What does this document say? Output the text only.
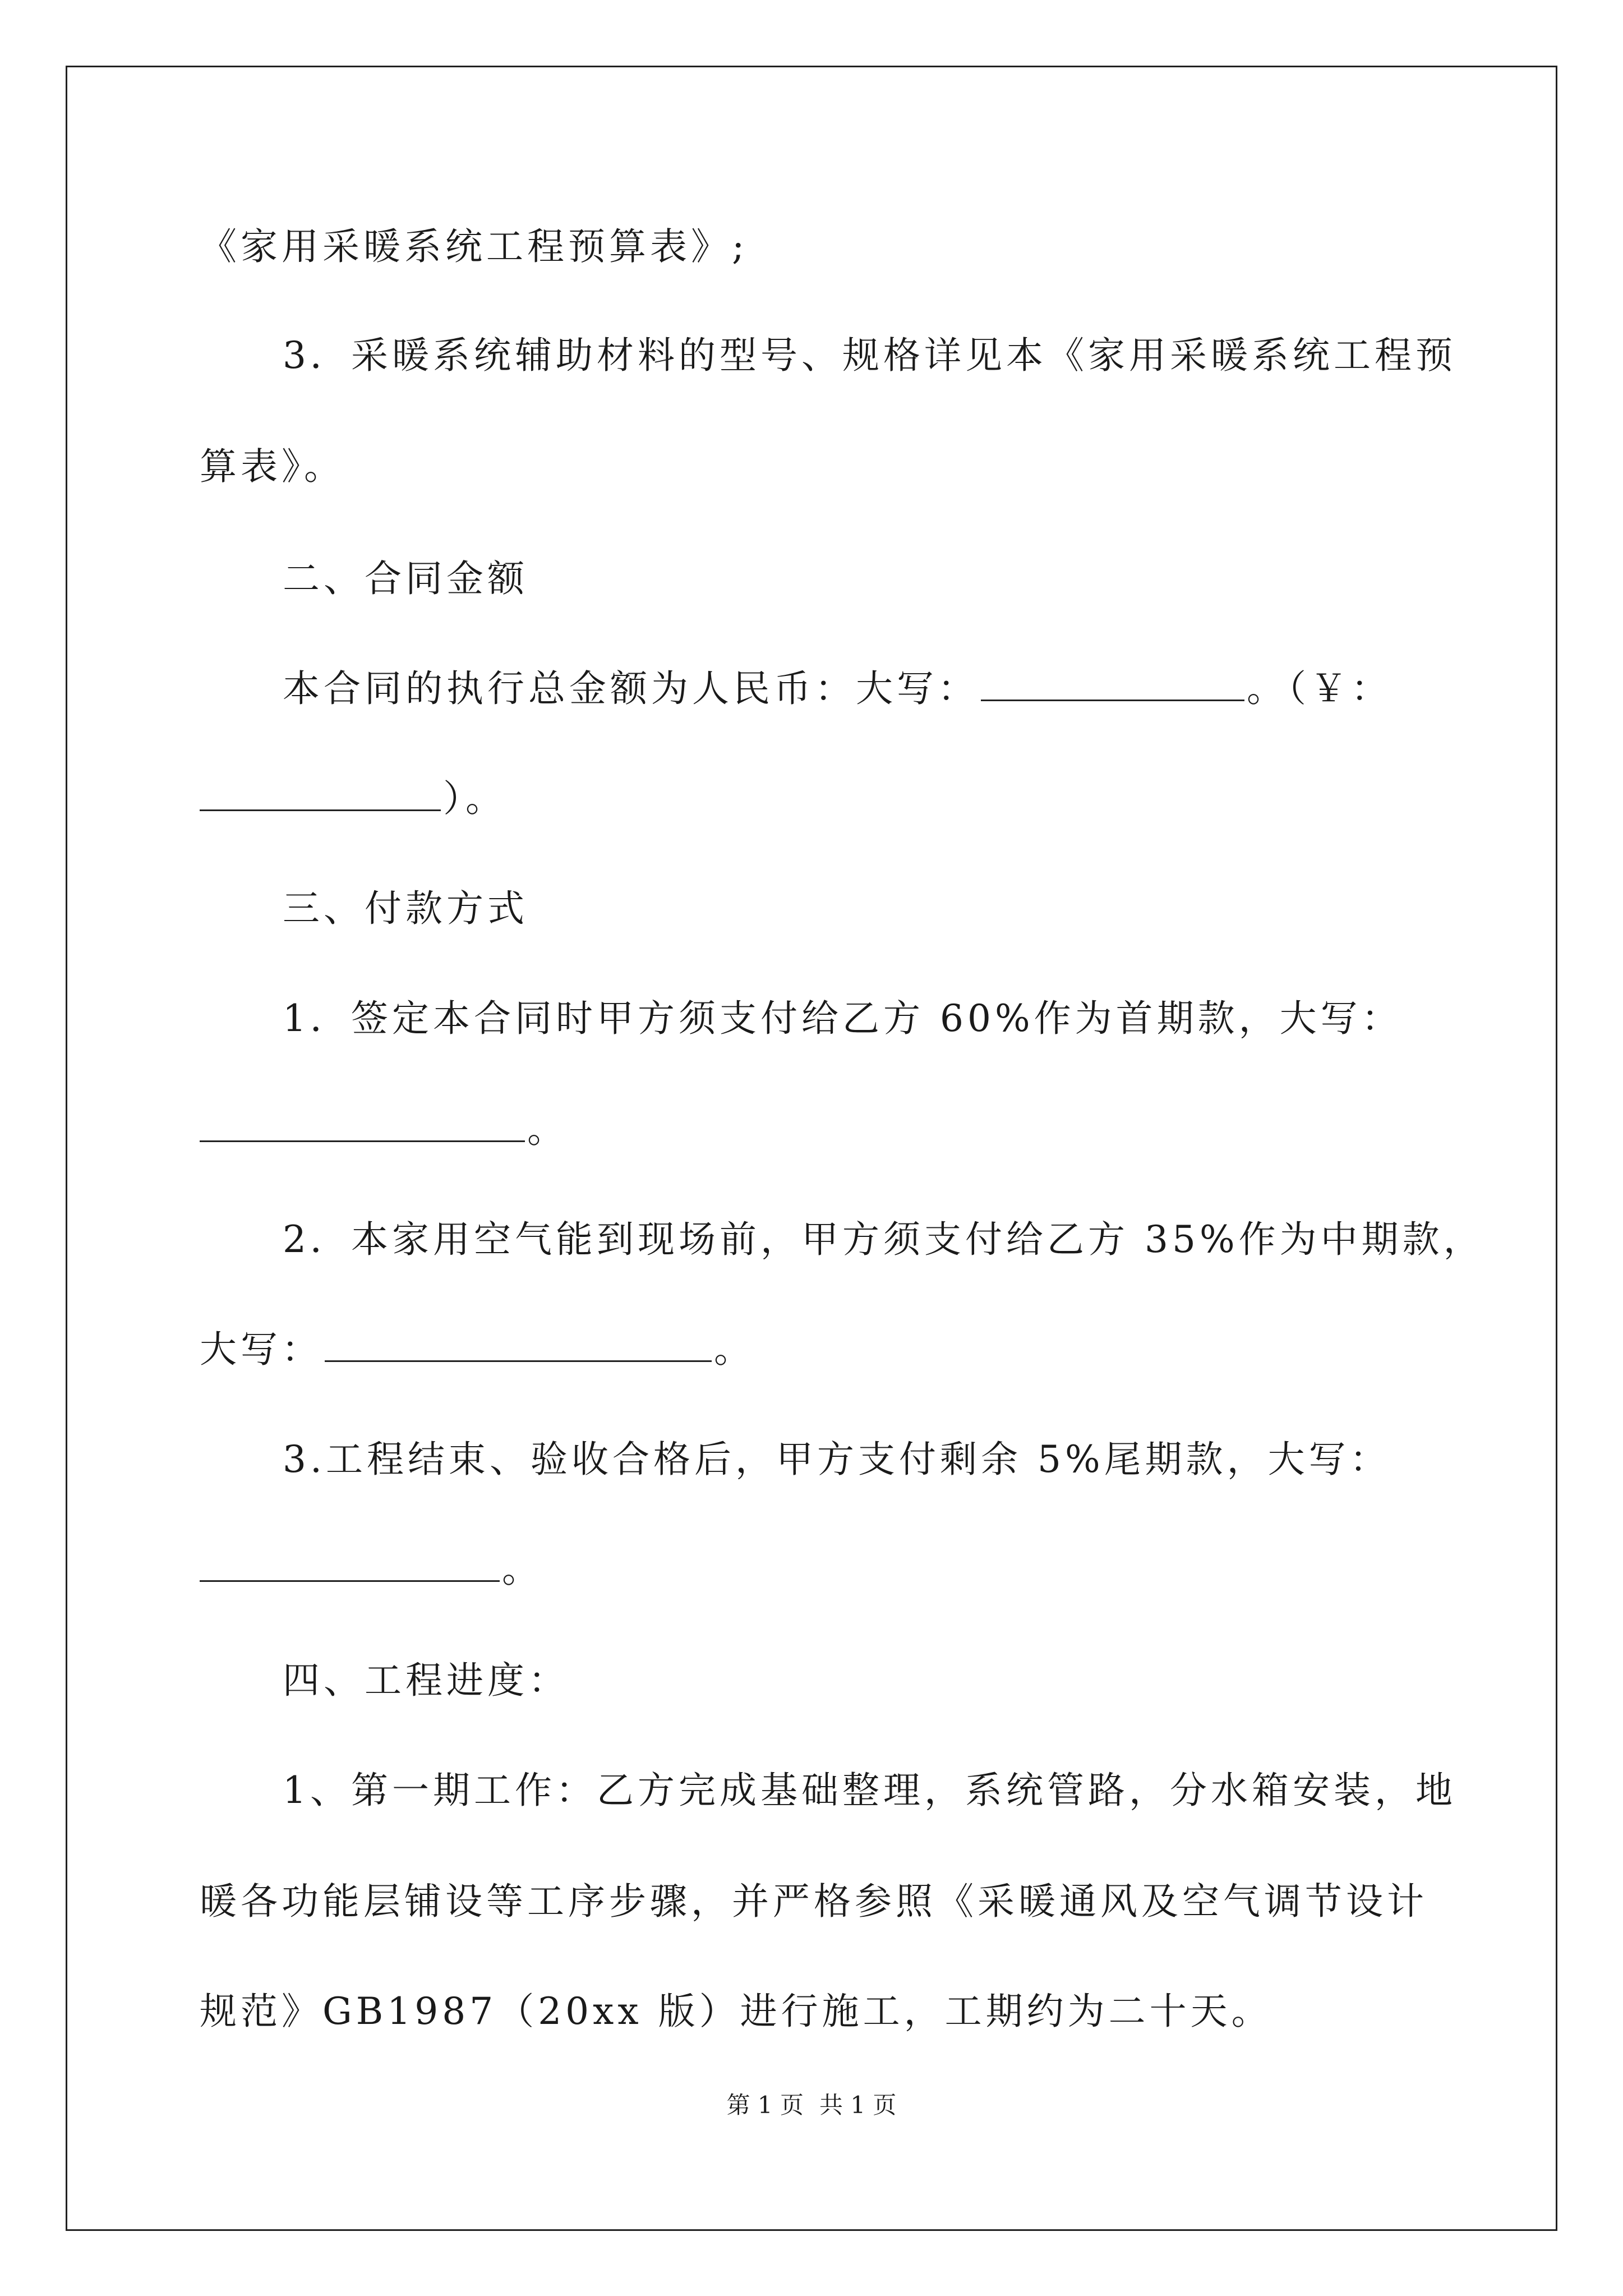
《家用采暖系统工程预算表》;
3．采暖系统辅助材料的型号、规格详见本《家用采暖系统工程预
算表》。
二、合同金额
本合同的执行总金额为人民币：大写：	。（￥：
）。
三、付款方式
1．签定本合同时甲方须支付给乙方 60%作为首期款，大写：
。
2．本家用空气能到现场前，甲方须支付给乙方 35%作为中期款，
大写：	。
3.工程结束、验收合格后，甲方支付剩余 5%尾期款，大写：
。
四、工程进度：
1、第一期工作：乙方完成基础整理，系统管路，分水箱安装，地
暖各功能层铺设等工序步骤，并严格参照《采暖通风及空气调节设计
规范》GB1987（20xx 版）进行施工，工期约为二十天。
第 1 页 共 1 页
